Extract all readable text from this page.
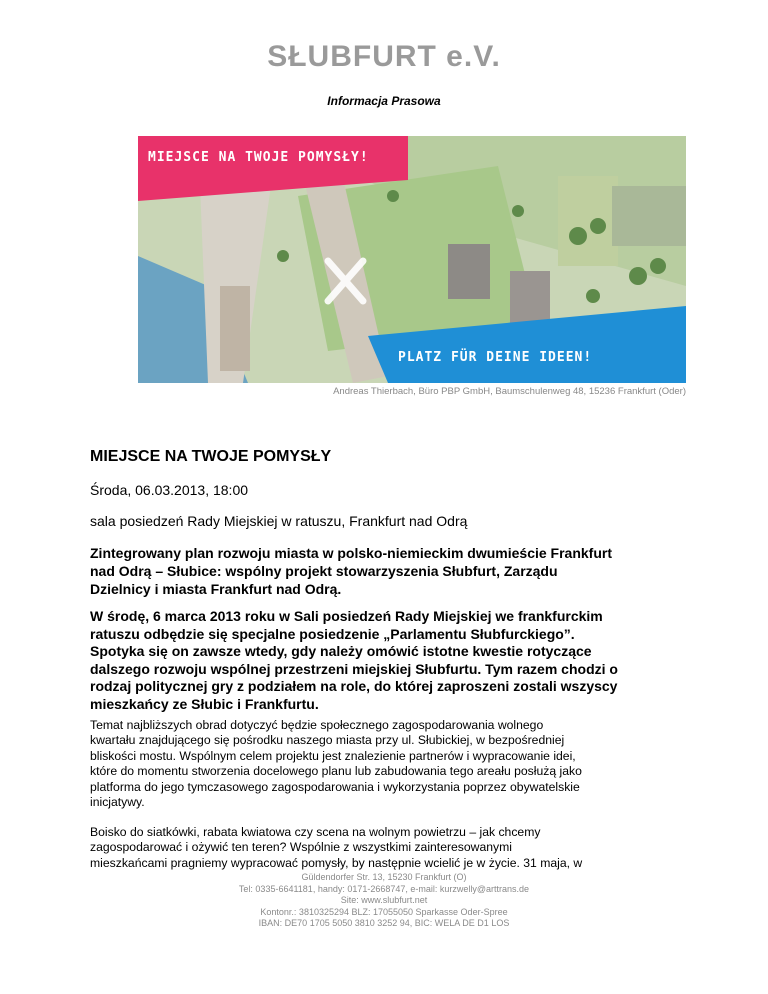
SŁUBFURT e.V.
Informacja Prasowa
MIEJSCE NA TWOJE POMYSŁY!
PLATZ FÜR DEINE IDEEN!
Andreas Thierbach, Büro PBP GmbH, Baumschulenweg 48, 15236 Frankfurt (Oder)
MIEJSCE NA TWOJE POMYSŁY
Środa, 06.03.2013, 18:00
sala posiedzeń Rady Miejskiej w ratuszu, Frankfurt nad Odrą
Zintegrowany plan rozwoju miasta w polsko-niemieckim dwumieście Frankfurt
nad Odrą – Słubice: wspólny projekt stowarzyszenia Słubfurt, Zarządu
Dzielnicy i miasta Frankfurt nad Odrą.
W środę, 6 marca 2013 roku w Sali posiedzeń Rady Miejskiej we frankfurckim
ratuszu odbędzie się specjalne posiedzenie „Parlamentu Słubfurckiego”.
Spotyka się on zawsze wtedy, gdy należy omówić istotne kwestie rotyczące
dalszego rozwoju wspólnej przestrzeni miejskiej Słubfurtu. Tym razem chodzi o
rodzaj politycznej gry z podziałem na role, do której zaproszeni zostali wszyscy
mieszkańcy ze Słubic i Frankfurtu.
Temat najbliższych obrad dotyczyć będzie społecznego zagospodarowania wolnego
kwartału znajdującego się pośrodku naszego miasta przy ul. Słubickiej, w bezpośredniej
bliskości mostu. Wspólnym celem projektu jest znalezienie partnerów i wypracowanie idei,
które do momentu stworzenia docelowego planu lub zabudowania tego areału posłużą jako
platforma do jego tymczasowego zagospodarowania i wykorzystania poprzez obywatelskie
inicjatywy.
Boisko do siatkówki, rabata kwiatowa czy scena na wolnym powietrzu – jak chcemy
zagospodarować i ożywić ten teren? Wspólnie z wszystkimi zainteresowanymi
mieszkańcami pragniemy wypracować pomysły, by następnie wcielić je w życie. 31 maja, w
Güldendorfer Str. 13, 15230 Frankfurt (O)
Tel: 0335-6641181, handy: 0171-2668747, e-mail: kurzwelly@arttrans.de
Site: www.slubfurt.net
Kontonr.: 3810325294 BLZ: 17055050 Sparkasse Oder-Spree
IBAN: DE70 1705 5050 3810 3252 94, BIC: WELA DE D1 LOS
